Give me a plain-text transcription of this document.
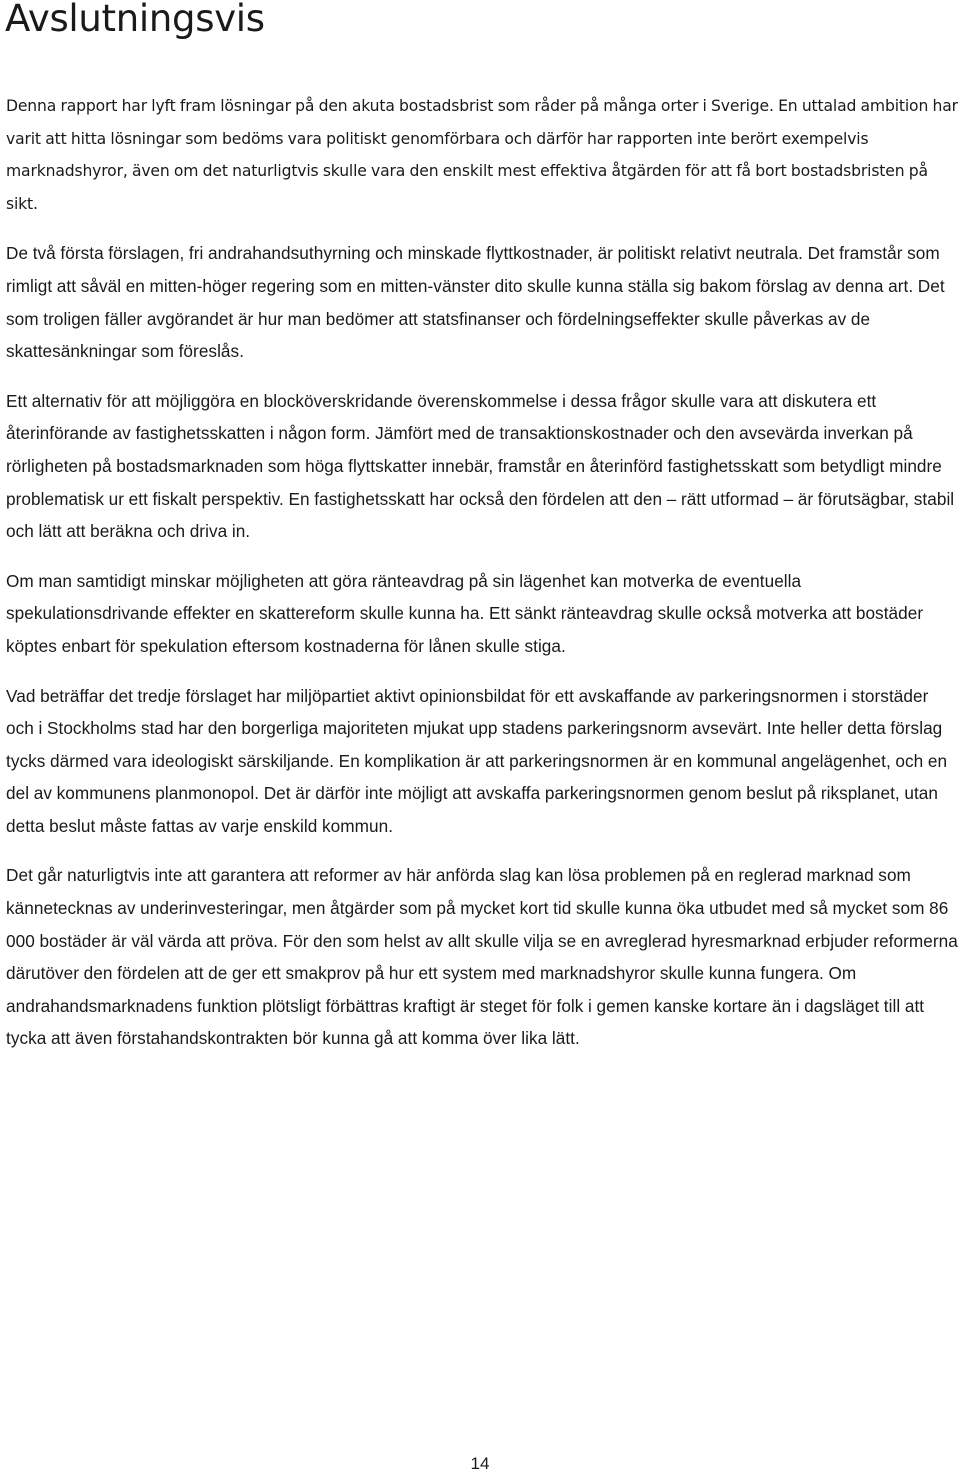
Avslutningsvis

Denna rapport har lyft fram lösningar på den akuta bostadsbrist som råder på många orter i Sverige. En uttalad ambition har varit att hitta lösningar som bedöms vara politiskt genomförbara och därför har rapporten inte berört exempelvis marknadshyror, även om det naturligtvis skulle vara den enskilt mest effektiva åtgärden för att få bort bostadsbristen på sikt.

De två första förslagen, fri andrahandsuthyrning och minskade flyttkostnader, är politiskt relativt neutrala. Det framstår som rimligt att såväl en mitten-höger regering som en mitten-vänster dito skulle kunna ställa sig bakom förslag av denna art. Det som troligen fäller avgörandet är hur man bedömer att statsfinanser och fördelningseffekter skulle påverkas av de skattesänkningar som föreslås.

Ett alternativ för att möjliggöra en blocköverskridande överenskommelse i dessa frågor skulle vara att diskutera ett återinförande av fastighetsskatten i någon form. Jämfört med de transaktionskostnader och den avsevärda inverkan på rörligheten på bostadsmarknaden som höga flyttskatter innebär, framstår en återinförd fastighetsskatt som betydligt mindre problematisk ur ett fiskalt perspektiv. En fastighetsskatt har också den fördelen att den – rätt utformad – är förutsägbar, stabil och lätt att beräkna och driva in.

Om man samtidigt minskar möjligheten att göra ränteavdrag på sin lägenhet kan motverka de eventuella spekulationsdrivande effekter en skattereform skulle kunna ha. Ett sänkt ränteavdrag skulle också motverka att bostäder köptes enbart för spekulation eftersom kostnaderna för lånen skulle stiga.

Vad beträffar det tredje förslaget har miljöpartiet aktivt opinionsbildat för ett avskaffande av parkeringsnormen i storstäder och i Stockholms stad har den borgerliga majoriteten mjukat upp stadens parkeringsnorm avsevärt. Inte heller detta förslag tycks därmed vara ideologiskt särskiljande. En komplikation är att parkeringsnormen är en kommunal angelägenhet, och en del av kommunens planmonopol. Det är därför inte möjligt att avskaffa parkeringsnormen genom beslut på riksplanet, utan detta beslut måste fattas av varje enskild kommun.

Det går naturligtvis inte att garantera att reformer av här anförda slag kan lösa problemen på en reglerad marknad som kännetecknas av underinvesteringar, men åtgärder som på mycket kort tid skulle kunna öka utbudet med så mycket som 86 000 bostäder är väl värda att pröva. För den som helst av allt skulle vilja se en avreglerad hyresmarknad erbjuder reformerna därutöver den fördelen att de ger ett smakprov på hur ett system med marknadshyror skulle kunna fungera. Om andrahandsmarknadens funktion plötsligt förbättras kraftigt är steget för folk i gemen kanske kortare än i dagsläget till att tycka att även förstahandskontrakten bör kunna gå att komma över lika lätt.

14
